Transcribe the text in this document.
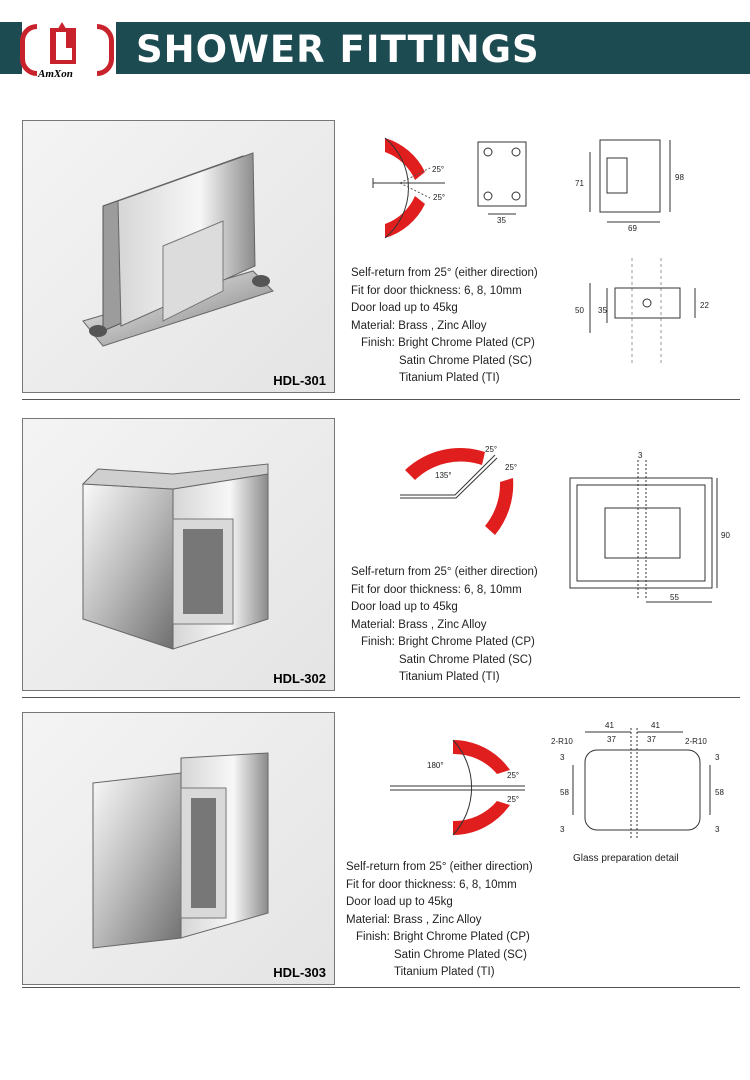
SHOWER FITTINGS
AmXon
HDL-301
25°
25°
35
71
98
69
50 35
22
Self-return from 25° (either direction)
Fit for door thickness: 6, 8, 10mm
Door load up to 45kg
Material: Brass , Zinc Alloy
Finish: Bright Chrome Plated (CP)
Satin Chrome Plated (SC)
Titanium Plated (TI)
HDL-302
135°
25°
25°
3
90
55
Self-return from 25° (either direction)
Fit for door thickness: 6, 8, 10mm
Door load up to 45kg
Material: Brass , Zinc Alloy
Finish: Bright Chrome Plated (CP)
Satin Chrome Plated (SC)
Titanium Plated (TI)
HDL-303
180°
25°
25°
41	41
37	37
2-R10	2-R10
58	58
3
3
3
3
Glass preparation detail
Self-return from 25° (either direction)
Fit for door thickness: 6, 8, 10mm
Door load up to 45kg
Material: Brass , Zinc Alloy
Finish: Bright Chrome Plated (CP)
Satin Chrome Plated (SC)
Titanium Plated (TI)
